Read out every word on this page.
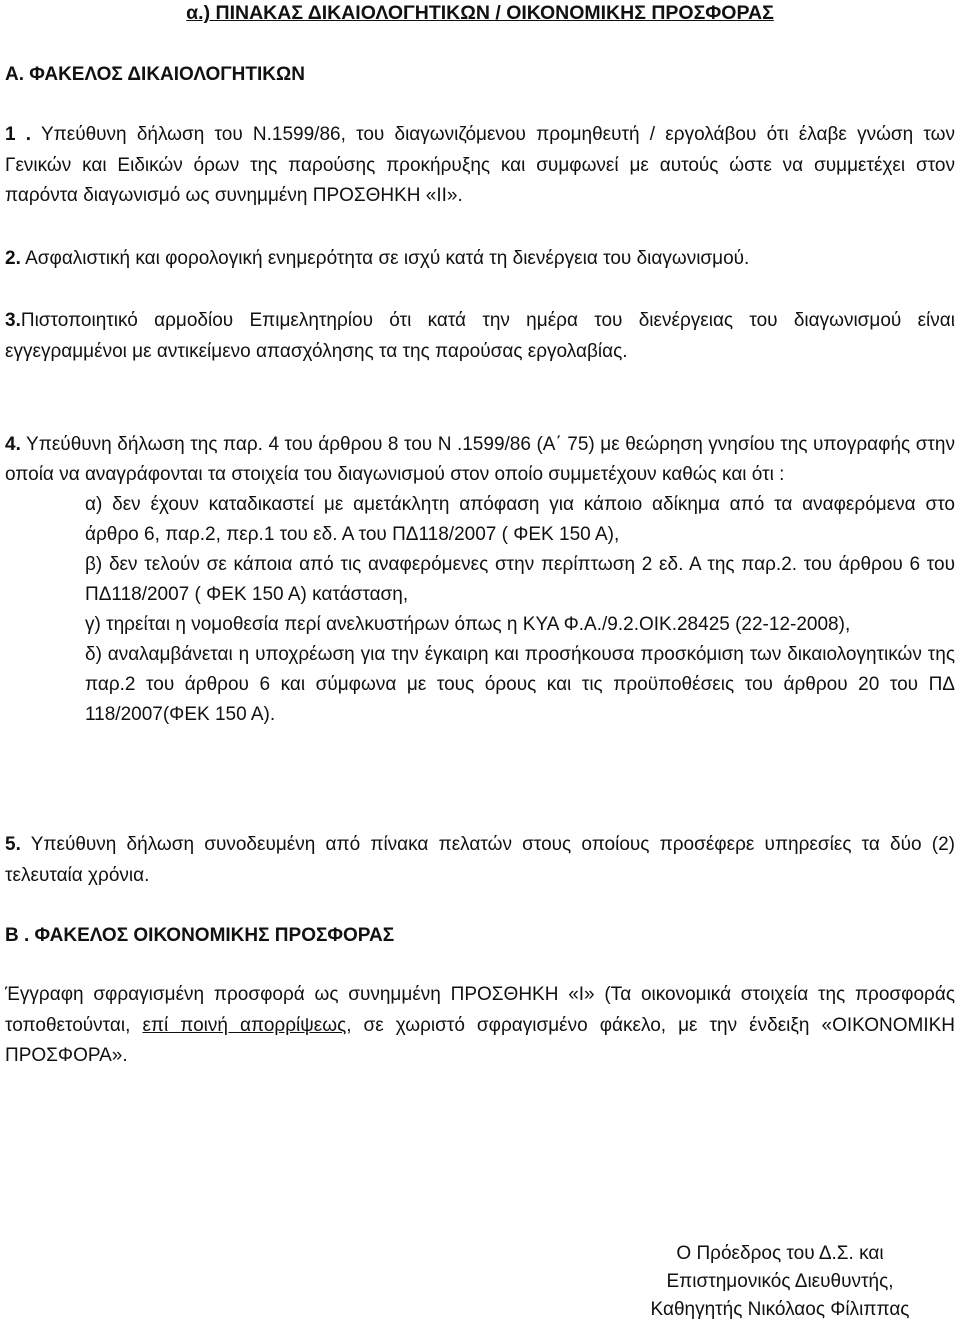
α.) ΠΙΝΑΚΑΣ ΔΙΚΑΙΟΛΟΓΗΤΙΚΩΝ / ΟΙΚΟΝΟΜΙΚΗΣ ΠΡΟΣΦΟΡΑΣ
Α. ΦΑΚΕΛΟΣ ΔΙΚΑΙΟΛΟΓΗΤΙΚΩΝ
1 . Υπεύθυνη δήλωση του Ν.1599/86, του διαγωνιζόμενου προμηθευτή / εργολάβου ότι έλαβε γνώση των Γενικών και Ειδικών όρων της παρούσης προκήρυξης και συμφωνεί με αυτούς ώστε να συμμετέχει στον παρόντα διαγωνισμό ως συνημμένη ΠΡΟΣΘΗΚΗ «ΙΙ».
2. Ασφαλιστική και φορολογική ενημερότητα σε ισχύ κατά τη διενέργεια του διαγωνισμού.
3.Πιστοποιητικό αρμοδίου Επιμελητηρίου ότι κατά την ημέρα του διενέργειας του διαγωνισμού είναι εγγεγραμμένοι με αντικείμενο απασχόλησης τα της παρούσας εργολαβίας.
4. Υπεύθυνη δήλωση της παρ. 4 του άρθρου 8 του Ν .1599/86 (Α΄ 75) με θεώρηση γνησίου της υπογραφής στην οποία να αναγράφονται τα στοιχεία του διαγωνισμού στον οποίο συμμετέχουν καθώς και ότι :
α) δεν έχουν καταδικαστεί με αμετάκλητη απόφαση για κάποιο αδίκημα από τα αναφερόμενα στο άρθρο 6, παρ.2, περ.1 του εδ. Α του ΠΔ118/2007 ( ΦΕΚ 150 Α),
β) δεν τελούν σε κάποια από τις αναφερόμενες στην περίπτωση 2 εδ. Α της παρ.2. του άρθρου 6 του ΠΔ118/2007 ( ΦΕΚ 150 Α) κατάσταση,
γ) τηρείται η νομοθεσία περί ανελκυστήρων όπως η ΚΥΑ Φ.Α./9.2.ΟΙΚ.28425 (22-12-2008),
δ) αναλαμβάνεται η υποχρέωση για την έγκαιρη και προσήκουσα προσκόμιση των δικαιολογητικών της παρ.2 του άρθρου 6 και σύμφωνα με τους όρους και τις προϋποθέσεις του άρθρου 20 του ΠΔ 118/2007(ΦΕΚ 150 Α).
5. Υπεύθυνη δήλωση συνοδευμένη από πίνακα πελατών στους οποίους προσέφερε υπηρεσίες τα δύο (2) τελευταία χρόνια.
Β . ΦΑΚΕΛΟΣ ΟΙΚΟΝΟΜΙΚΗΣ ΠΡΟΣΦΟΡΑΣ
Έγγραφη σφραγισμένη προσφορά ως συνημμένη ΠΡΟΣΘΗΚΗ «Ι» (Τα οικονομικά στοιχεία της προσφοράς τοποθετούνται, επί ποινή απορρίψεως, σε χωριστό σφραγισμένο φάκελο, με την ένδειξη «ΟΙΚΟΝΟΜΙΚΗ ΠΡΟΣΦΟΡΑ».
Ο Πρόεδρος του Δ.Σ. και
Επιστημονικός Διευθυντής,
Καθηγητής Νικόλαος Φίλιππας
